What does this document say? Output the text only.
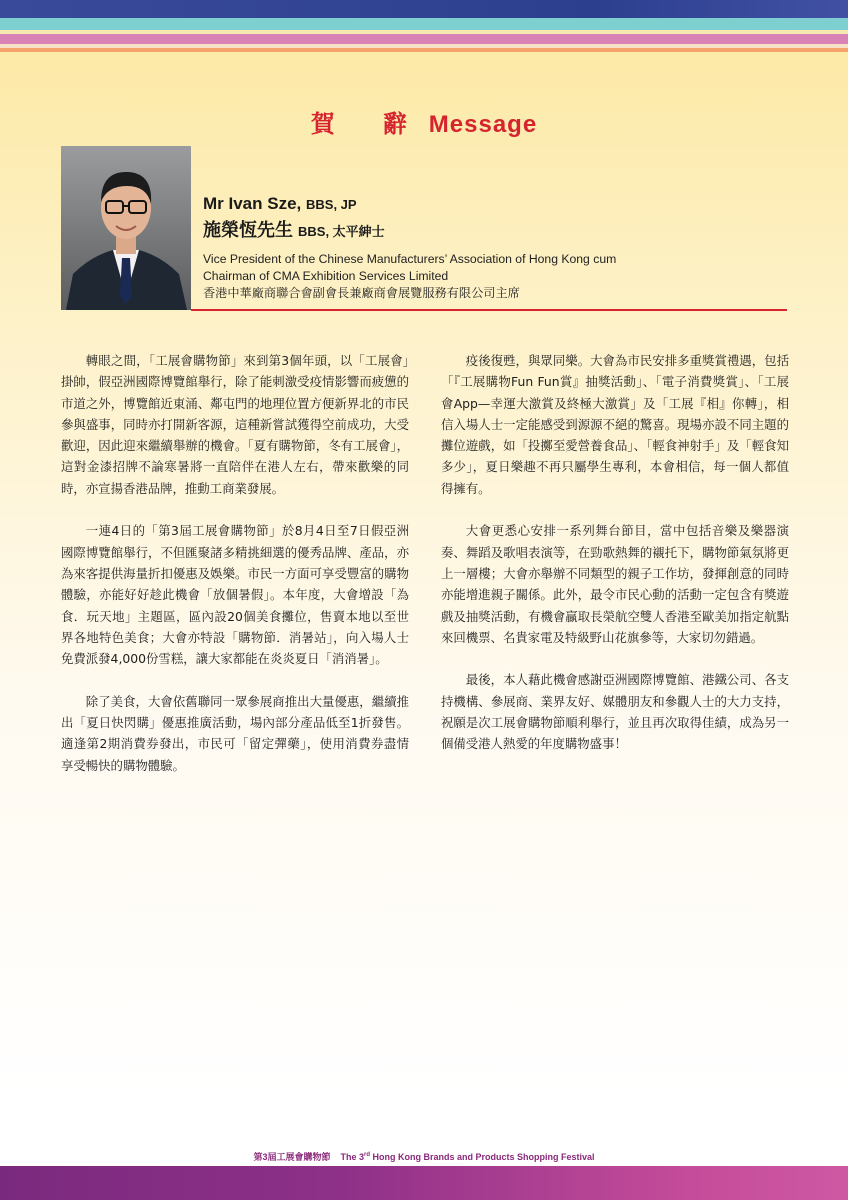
賀　辭 Message
Mr Ivan Sze, BBS, JP
施榮恆先生 BBS, 太平紳士
Vice President of the Chinese Manufacturers’ Association of Hong Kong cum
Chairman of CMA Exhibition Services Limited
香港中華廠商聯合會副會長兼廠商會展覽服務有限公司主席

轉眼之間，「工展會購物節」來到第3個年頭，以「工展會」掛帥，假亞洲國際博覽館舉行，除了能刺激受疫情影響而疲憊的市道之外，博覽館近東涌、鄰屯門的地理位置方便新界北的市民參與盛事，同時亦打開新客源，這種新嘗試獲得空前成功，大受歡迎，因此迎來繼續舉辦的機會。「夏有購物節，冬有工展會」，這對金漆招牌不論寒暑將一直陪伴在港人左右，帶來歡樂的同時，亦宣揚香港品牌，推動工商業發展。

一連4日的「第3屆工展會購物節」於8月4日至7日假亞洲國際博覽館舉行，不但匯聚諸多精挑細選的優秀品牌、產品，亦為來客提供海量折扣優惠及娛樂。市民一方面可享受豐富的購物體驗，亦能好好趁此機會「放個暑假」。本年度，大會增設「為食．玩天地」主題區，區內設20個美食攤位，售賣本地以至世界各地特色美食；大會亦特設「購物節．消暑站」，向入場人士免費派發4,000份雪糕，讓大家都能在炎炎夏日「消消暑」。

除了美食，大會依舊聯同一眾參展商推出大量優惠，繼續推出「夏日快閃購」優惠推廣活動，場內部分產品低至1折發售。適逢第2期消費券發出，市民可「留定彈藥」，使用消費券盡情享受暢快的購物體驗。

疫後復甦，與眾同樂。大會為市民安排多重獎賞禮遇，包括「『工展購物Fun Fun賞』抽獎活動」、「電子消費獎賞」、「工展會App—幸運大激賞及終極大激賞」及「工展『相』你轉」，相信入場人士一定能感受到源源不絕的驚喜。現場亦設不同主題的攤位遊戲，如「投擲至愛營養食品」、「輕食神射手」及「輕食知多少」，夏日樂趣不再只屬學生專利，本會相信，每一個人都值得擁有。

大會更悉心安排一系列舞台節目，當中包括音樂及樂器演奏、舞蹈及歌唱表演等，在勁歌熱舞的襯托下，購物節氣氛將更上一層樓；大會亦舉辦不同類型的親子工作坊，發揮創意的同時亦能增進親子關係。此外，最令市民心動的活動一定包含有獎遊戲及抽獎活動，有機會贏取長榮航空雙人香港至歐美加指定航點來回機票、名貴家電及特級野山花旗參等，大家切勿錯過。

最後，本人藉此機會感謝亞洲國際博覽館、港鐵公司、各支持機構、參展商、業界友好、媒體朋友和參觀人士的大力支持，祝願是次工展會購物節順利舉行，並且再次取得佳績，成為另一個備受港人熱愛的年度購物盛事！

第3屆工展會購物節 The 3rd Hong Kong Brands and Products Shopping Festival
